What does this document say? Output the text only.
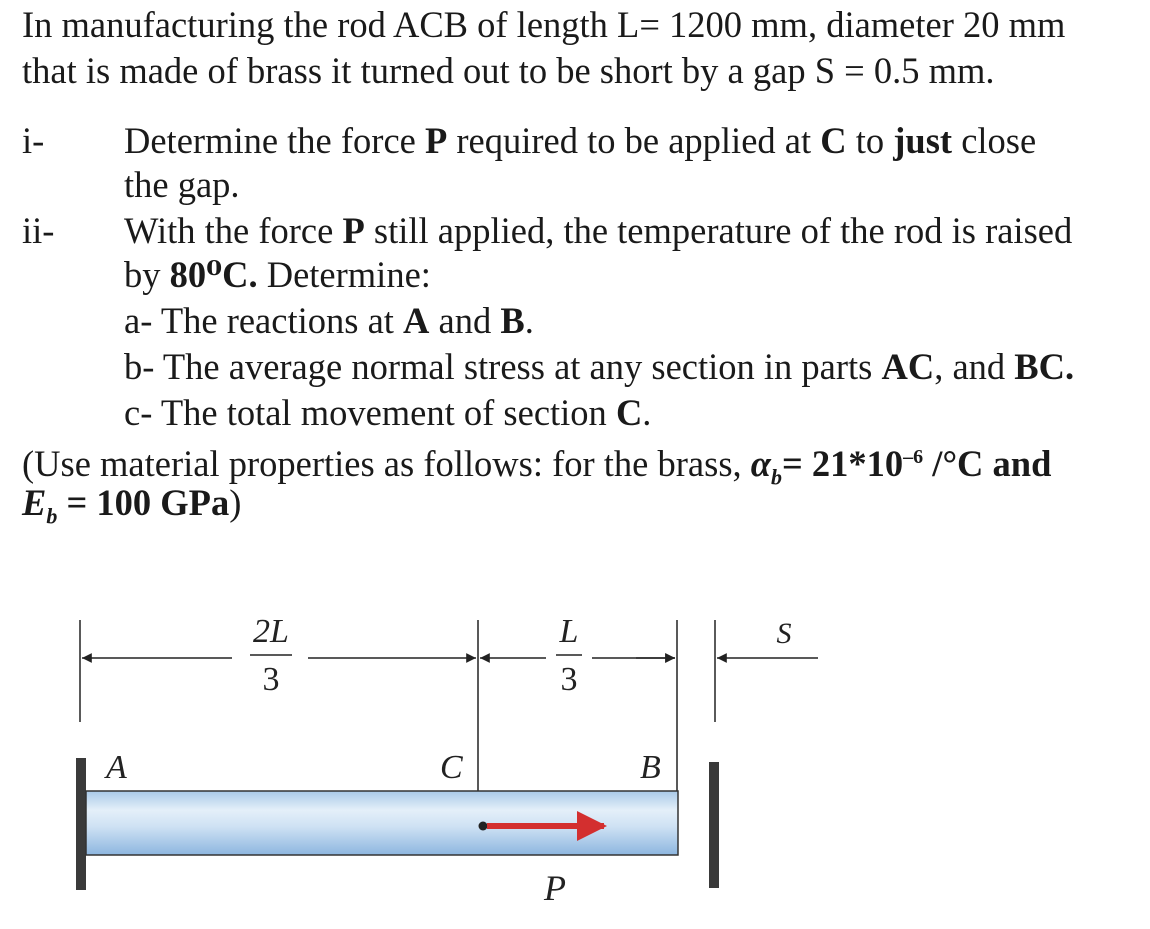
In manufacturing the rod ACB of length L= 1200 mm, diameter 20 mm

that is made of brass it turned out to be short by a gap S = 0.5 mm.

i- Determine the force P required to be applied at C to just close
the gap.
ii- With the force P still applied, the temperature of the rod is raised
by 80⁰C. Determine:
a- The reactions at A and B.
b- The average normal stress at any section in parts AC, and BC.
c- The total movement of section C.

(Use material properties as follows: for the brass, $\alpha_b= 21*10^{-6}$ /°C and

$E_b = 100$ GPa)

2L
3
L
3
S
A	C	B
P
